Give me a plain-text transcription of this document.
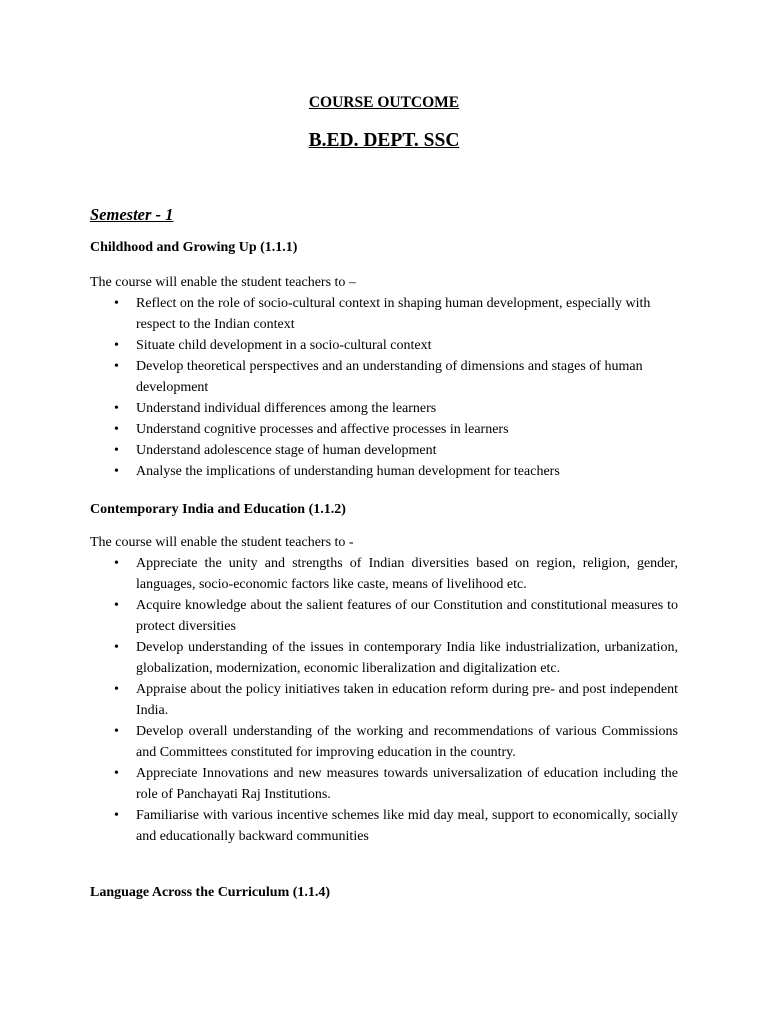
COURSE OUTCOME
B.ED. DEPT. SSC
Semester - 1
Childhood and Growing Up (1.1.1)
The course will enable the student teachers to –
• Reflect on the role of socio-cultural context in shaping human development, especially with respect to the Indian context
• Situate child development in a socio-cultural context
• Develop theoretical perspectives and an understanding of dimensions and stages of human development
• Understand individual differences among the learners
• Understand cognitive processes and affective processes in learners
• Understand adolescence stage of human development
• Analyse the implications of understanding human development for teachers
Contemporary India and Education (1.1.2)
The course will enable the student teachers to -
• Appreciate the unity and strengths of Indian diversities based on region, religion, gender, languages, socio-economic factors like caste, means of livelihood etc.
• Acquire knowledge about the salient features of our Constitution and constitutional measures to protect diversities
• Develop understanding of the issues in contemporary India like industrialization, urbanization, globalization, modernization, economic liberalization and digitalization etc.
• Appraise about the policy initiatives taken in education reform during pre- and post independent India.
• Develop overall understanding of the working and recommendations of various Commissions and Committees constituted for improving education in the country.
• Appreciate Innovations and new measures towards universalization of education including the role of Panchayati Raj Institutions.
• Familiarise with various incentive schemes like mid day meal, support to economically, socially and educationally backward communities
Language Across the Curriculum (1.1.4)
